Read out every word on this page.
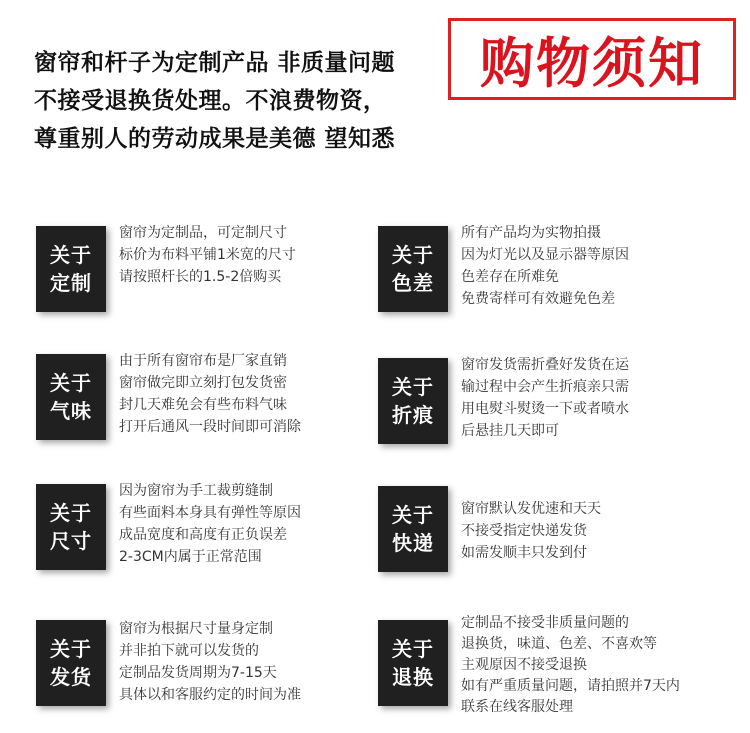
窗帘和杆子为定制产品 非质量问题
不接受退换货处理。不浪费物资，
尊重别人的劳动成果是美德 望知悉
购物须知
关于
定制
窗帘为定制品，可定制尺寸
标价为布料平铺1米宽的尺寸
请按照杆长的1.5-2倍购买
关于
色差
所有产品均为实物拍摄
因为灯光以及显示器等原因
色差存在所难免
免费寄样可有效避免色差
关于
气味
由于所有窗帘布是厂家直销
窗帘做完即立刻打包发货密
封几天难免会有些布料气味
打开后通风一段时间即可消除
关于
折痕
窗帘发货需折叠好发货在运
输过程中会产生折痕亲只需
用电熨斗熨烫一下或者喷水
后悬挂几天即可
关于
尺寸
因为窗帘为手工裁剪缝制
有些面料本身具有弹性等原因
成品宽度和高度有正负误差
2-3CM内属于正常范围
关于
快递
窗帘默认发优速和天天
不接受指定快递发货
如需发顺丰只发到付
关于
发货
窗帘为根据尺寸量身定制
并非拍下就可以发货的
定制品发货周期为7-15天
具体以和客服约定的时间为准
关于
退换
定制品不接受非质量问题的
退换货，味道、色差、不喜欢等
主观原因不接受退换
如有严重质量问题，请拍照并7天内
联系在线客服处理
